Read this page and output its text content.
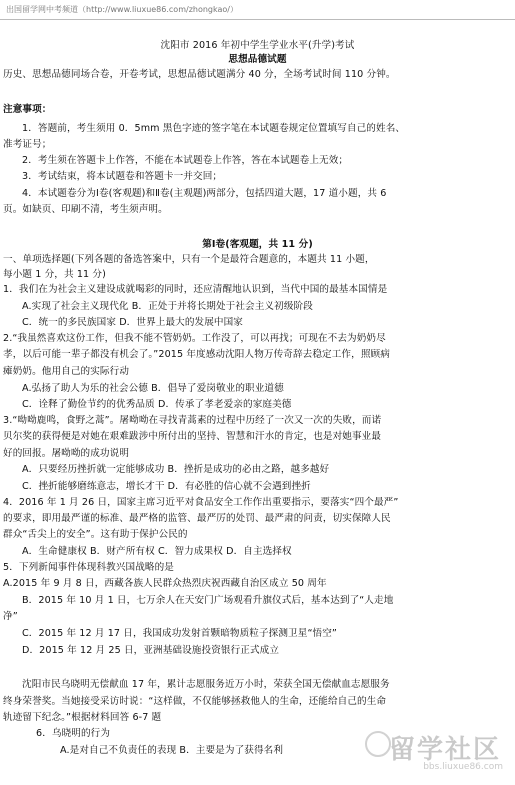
出国留学网中考频道（http://www.liuxue86.com/zhongkao/）
沈阳市 2016 年初中学生学业水平(升学)考试
思想品德试题
历史、思想品德同场合卷，开卷考试，思想品德试题满分 40 分，全场考试时间 110 分钟。
注意事项：
1．答题前，考生须用 0．5mm 黑色字迹的签字笔在本试题卷规定位置填写自己的姓名、
准考证号；
2．考生须在答题卡上作答，不能在本试题卷上作答，答在本试题卷上无效；
3．考试结束，将本试题卷和答题卡一并交回；
4．本试题卷分为Ⅰ卷(客观题)和Ⅱ卷(主观题)两部分，包括四道大题，17 道小题，共 6
页。如缺页、印刷不清，考生须声明。
第Ⅰ卷(客观题，共 11 分)
一、单项选择题(下列各题的备选答案中，只有一个是最符合题意的，本题共 11 小题，
每小题 1 分，共 11 分)
1．我们在为社会主义建设成就喝彩的同时，还应清醒地认识到，当代中国的最基本国情是
A.实现了社会主义现代化 B．正处于并将长期处于社会主义初级阶段
C．统一的多民族国家 D．世界上最大的发展中国家
2.“我虽然喜欢这份工作，但我不能不管奶奶。工作没了，可以再找；可现在不去为奶奶尽
孝，以后可能一辈子都没有机会了。”2015 年度感动沈阳人物万传奇辞去稳定工作，照顾病
瘫奶奶。他用自己的实际行动
A.弘扬了助人为乐的社会公德 B．倡导了爱岗敬业的职业道德
C．诠释了勤俭节约的优秀品质 D．传承了孝老爱亲的家庭美德
3.“呦呦鹿鸣，食野之蒿”。屠呦呦在寻找青蒿素的过程中历经了一次又一次的失败，而诺
贝尔奖的获得便是对她在艰难跋涉中所付出的坚持、智慧和汗水的肯定，也是对她事业最
好的回报。屠呦呦的成功说明
A．只要经历挫折就一定能够成功 B．挫折是成功的必由之路，越多越好
C．挫折能够磨练意志，增长才干 D．有必胜的信心就不会遇到挫折
4．2016 年 1 月 26 日，国家主席习近平对食品安全工作作出重要指示，要落实“四个最严”
的要求，即用最严谨的标准、最严格的监管、最严厉的处罚、最严肃的问责，切实保障人民
群众“舌尖上的安全”。这有助于保护公民的
A．生命健康权 B．财产所有权 C．智力成果权 D．自主选择权
5．下列新闻事件体现科教兴国战略的是
A.2015 年 9 月 8 日，西藏各族人民群众热烈庆祝西藏自治区成立 50 周年
B．2015 年 10 月 1 日，七万余人在天安门广场观看升旗仪式后，基本达到了“人走地
净”
C．2015 年 12 月 17 日，我国成功发射首颗暗物质粒子探测卫星“悟空”
D．2015 年 12 月 25 日，亚洲基础设施投资银行正式成立
沈阳市民乌晓明无偿献血 17 年，累计志愿服务近万小时，荣获全国无偿献血志愿服务
终身荣誉奖。当她接受采访时说：“这样做，不仅能够拯救他人的生命，还能给自己的生命
轨迹留下纪念。”根据材料回答 6-7 题
6．乌晓明的行为
A.是对自己不负责任的表现 B．主要是为了获得名利	留学社区
bbs.liuxue86.com
